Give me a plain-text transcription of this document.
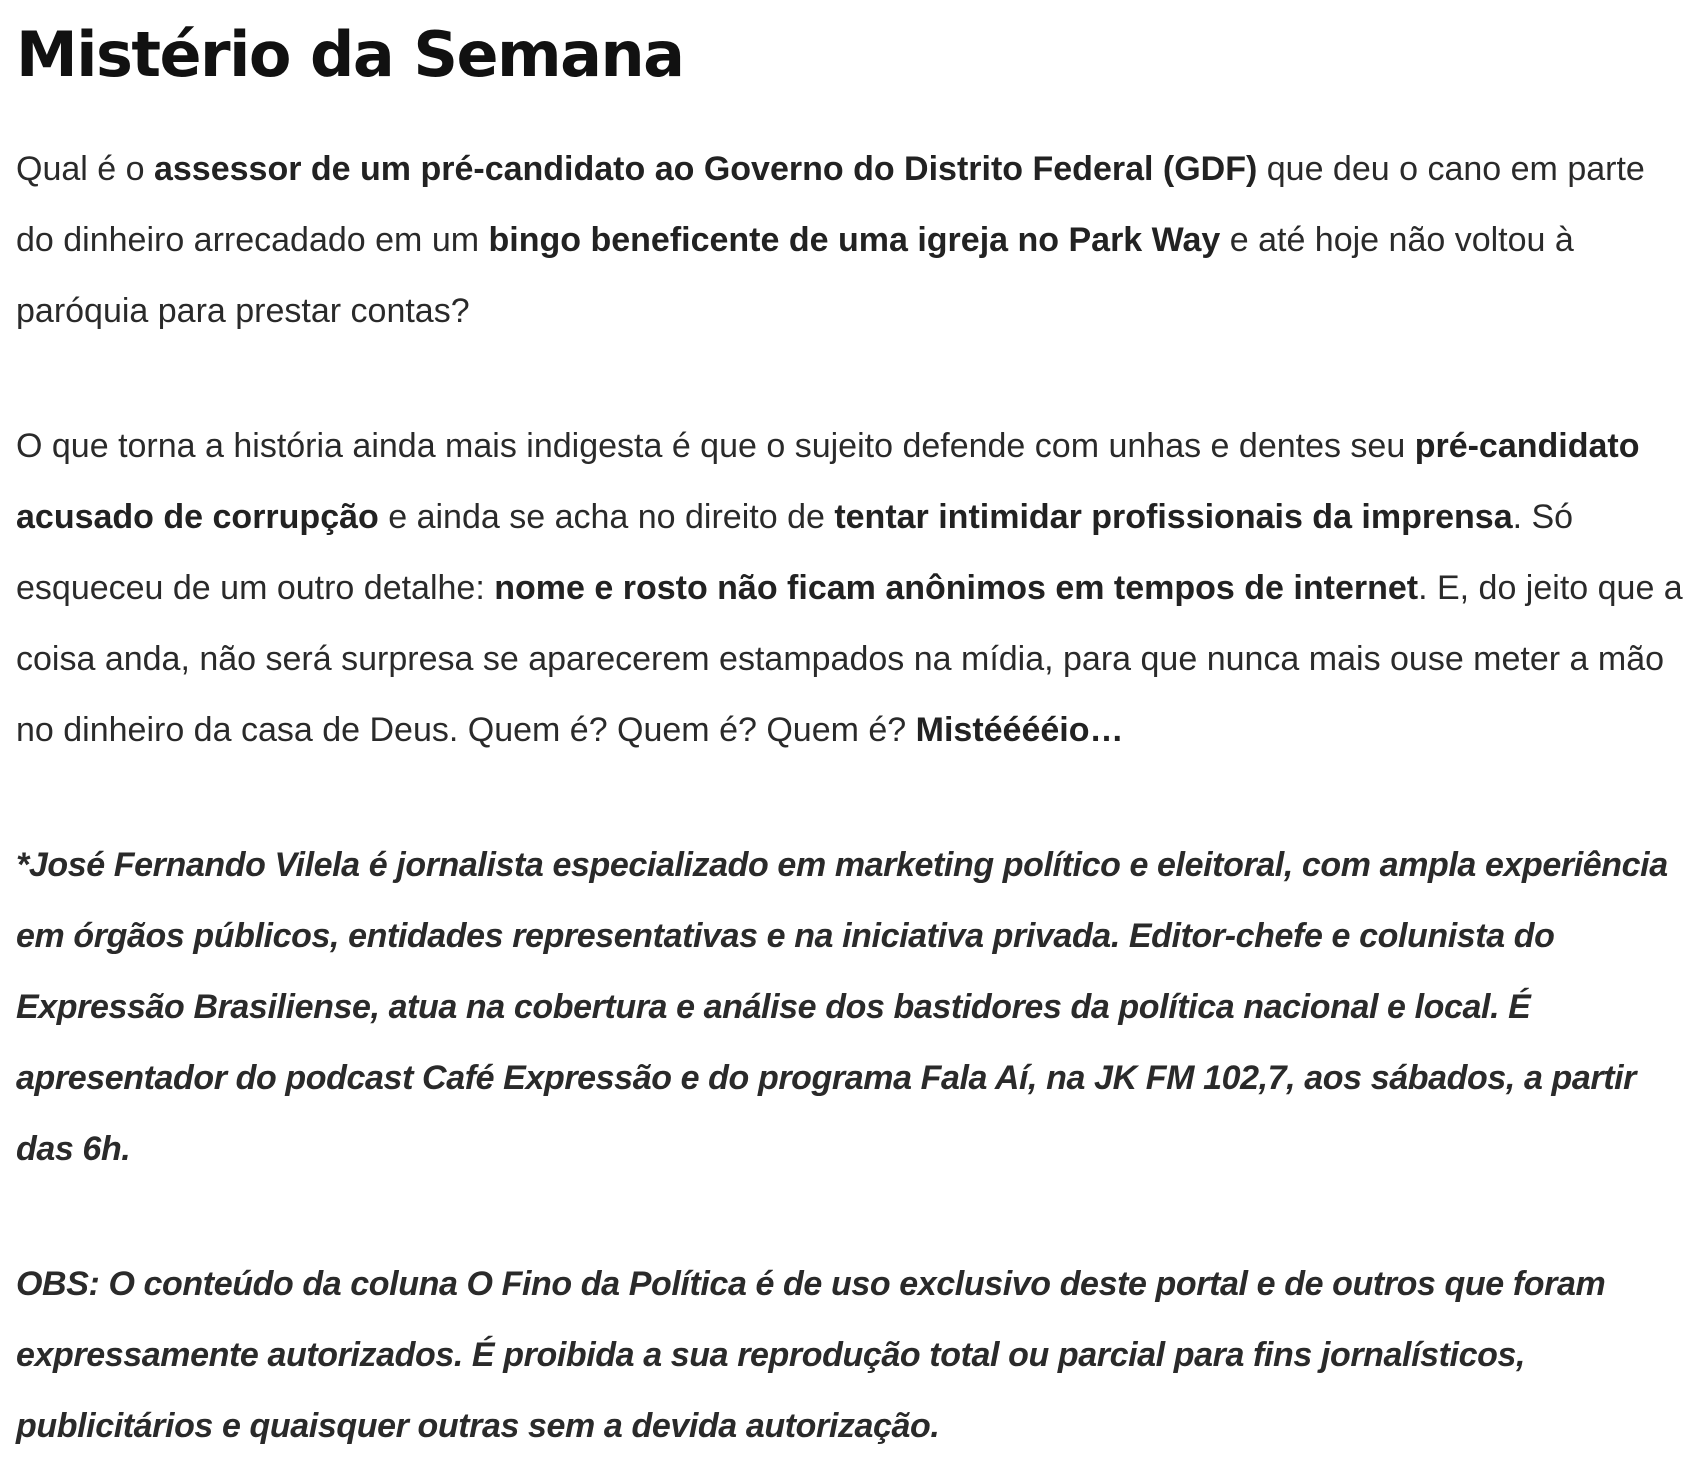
Mistério da Semana

Qual é o assessor de um pré-candidato ao Governo do Distrito Federal (GDF) que deu o cano em parte do dinheiro arrecadado em um bingo beneficente de uma igreja no Park Way e até hoje não voltou à paróquia para prestar contas?

O que torna a história ainda mais indigesta é que o sujeito defende com unhas e dentes seu pré-candidato acusado de corrupção e ainda se acha no direito de tentar intimidar profissionais da imprensa. Só esqueceu de um outro detalhe: nome e rosto não ficam anônimos em tempos de internet. E, do jeito que a coisa anda, não será surpresa se aparecerem estampados na mídia, para que nunca mais ouse meter a mão no dinheiro da casa de Deus. Quem é? Quem é? Quem é? Mistééééio…

*José Fernando Vilela é jornalista especializado em marketing político e eleitoral, com ampla experiência em órgãos públicos, entidades representativas e na iniciativa privada. Editor-chefe e colunista do Expressão Brasiliense, atua na cobertura e análise dos bastidores da política nacional e local. É apresentador do podcast Café Expressão e do programa Fala Aí, na JK FM 102,7, aos sábados, a partir das 6h.

OBS: O conteúdo da coluna O Fino da Política é de uso exclusivo deste portal e de outros que foram expressamente autorizados. É proibida a sua reprodução total ou parcial para fins jornalísticos, publicitários e quaisquer outras sem a devida autorização.
